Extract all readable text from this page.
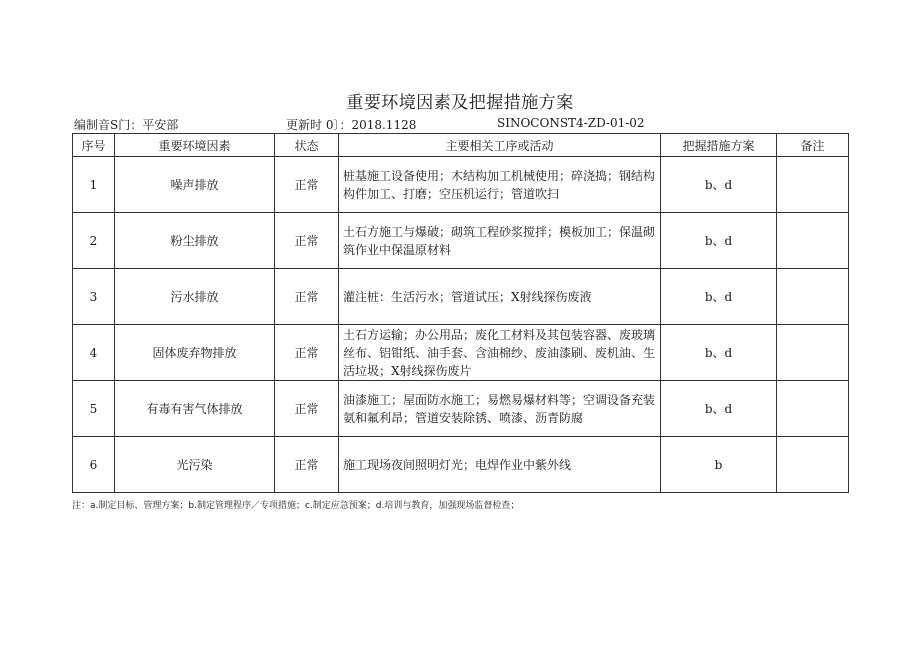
重要环境因素及把握措施方案
编制音S门：平安部	更新时 0〕：2018.1128	SINOCONST4-ZD-01-02
序号	重要环境因素	状态	主要相关工序或活动	把握措施方案	备注
1	噪声排放	正常	桩基施工设备使用；木结构加工机械使用；碎浇捣；钢结构构件加工、打磨；空压机运行；管道吹扫	b、d	
2	粉尘排放	正常	土石方施工与爆破；砌筑工程砂浆搅拌；模板加工；保温砌筑作业中保温原材料	b、d	
3	污水排放	正常	灌注桩：生活污水；管道试压；X射线探伤废液	b、d	
4	固体废弃物排放	正常	土石方运输；办公用品；废化工材料及其包装容器、废玻璃丝布、铝钳纸、油手套、含油棉纱、废油漆刷、废机油、生活垃圾；X射线探伤废片	b、d	
5	有毒有害气体排放	正常	油漆施工；屋面防水施工；易燃易爆材料等；空调设备充装氨和氟利昂；管道安装除锈、喷漆、沥青防腐	b、d	
6	光污染	正常	施工现场夜间照明灯光；电焊作业中紫外线	b	
注：a.制定目标、管理方案；b.制定管理程序／专项措施；c.制定应急预案；d.培训与教育，加强现场监督检查；
